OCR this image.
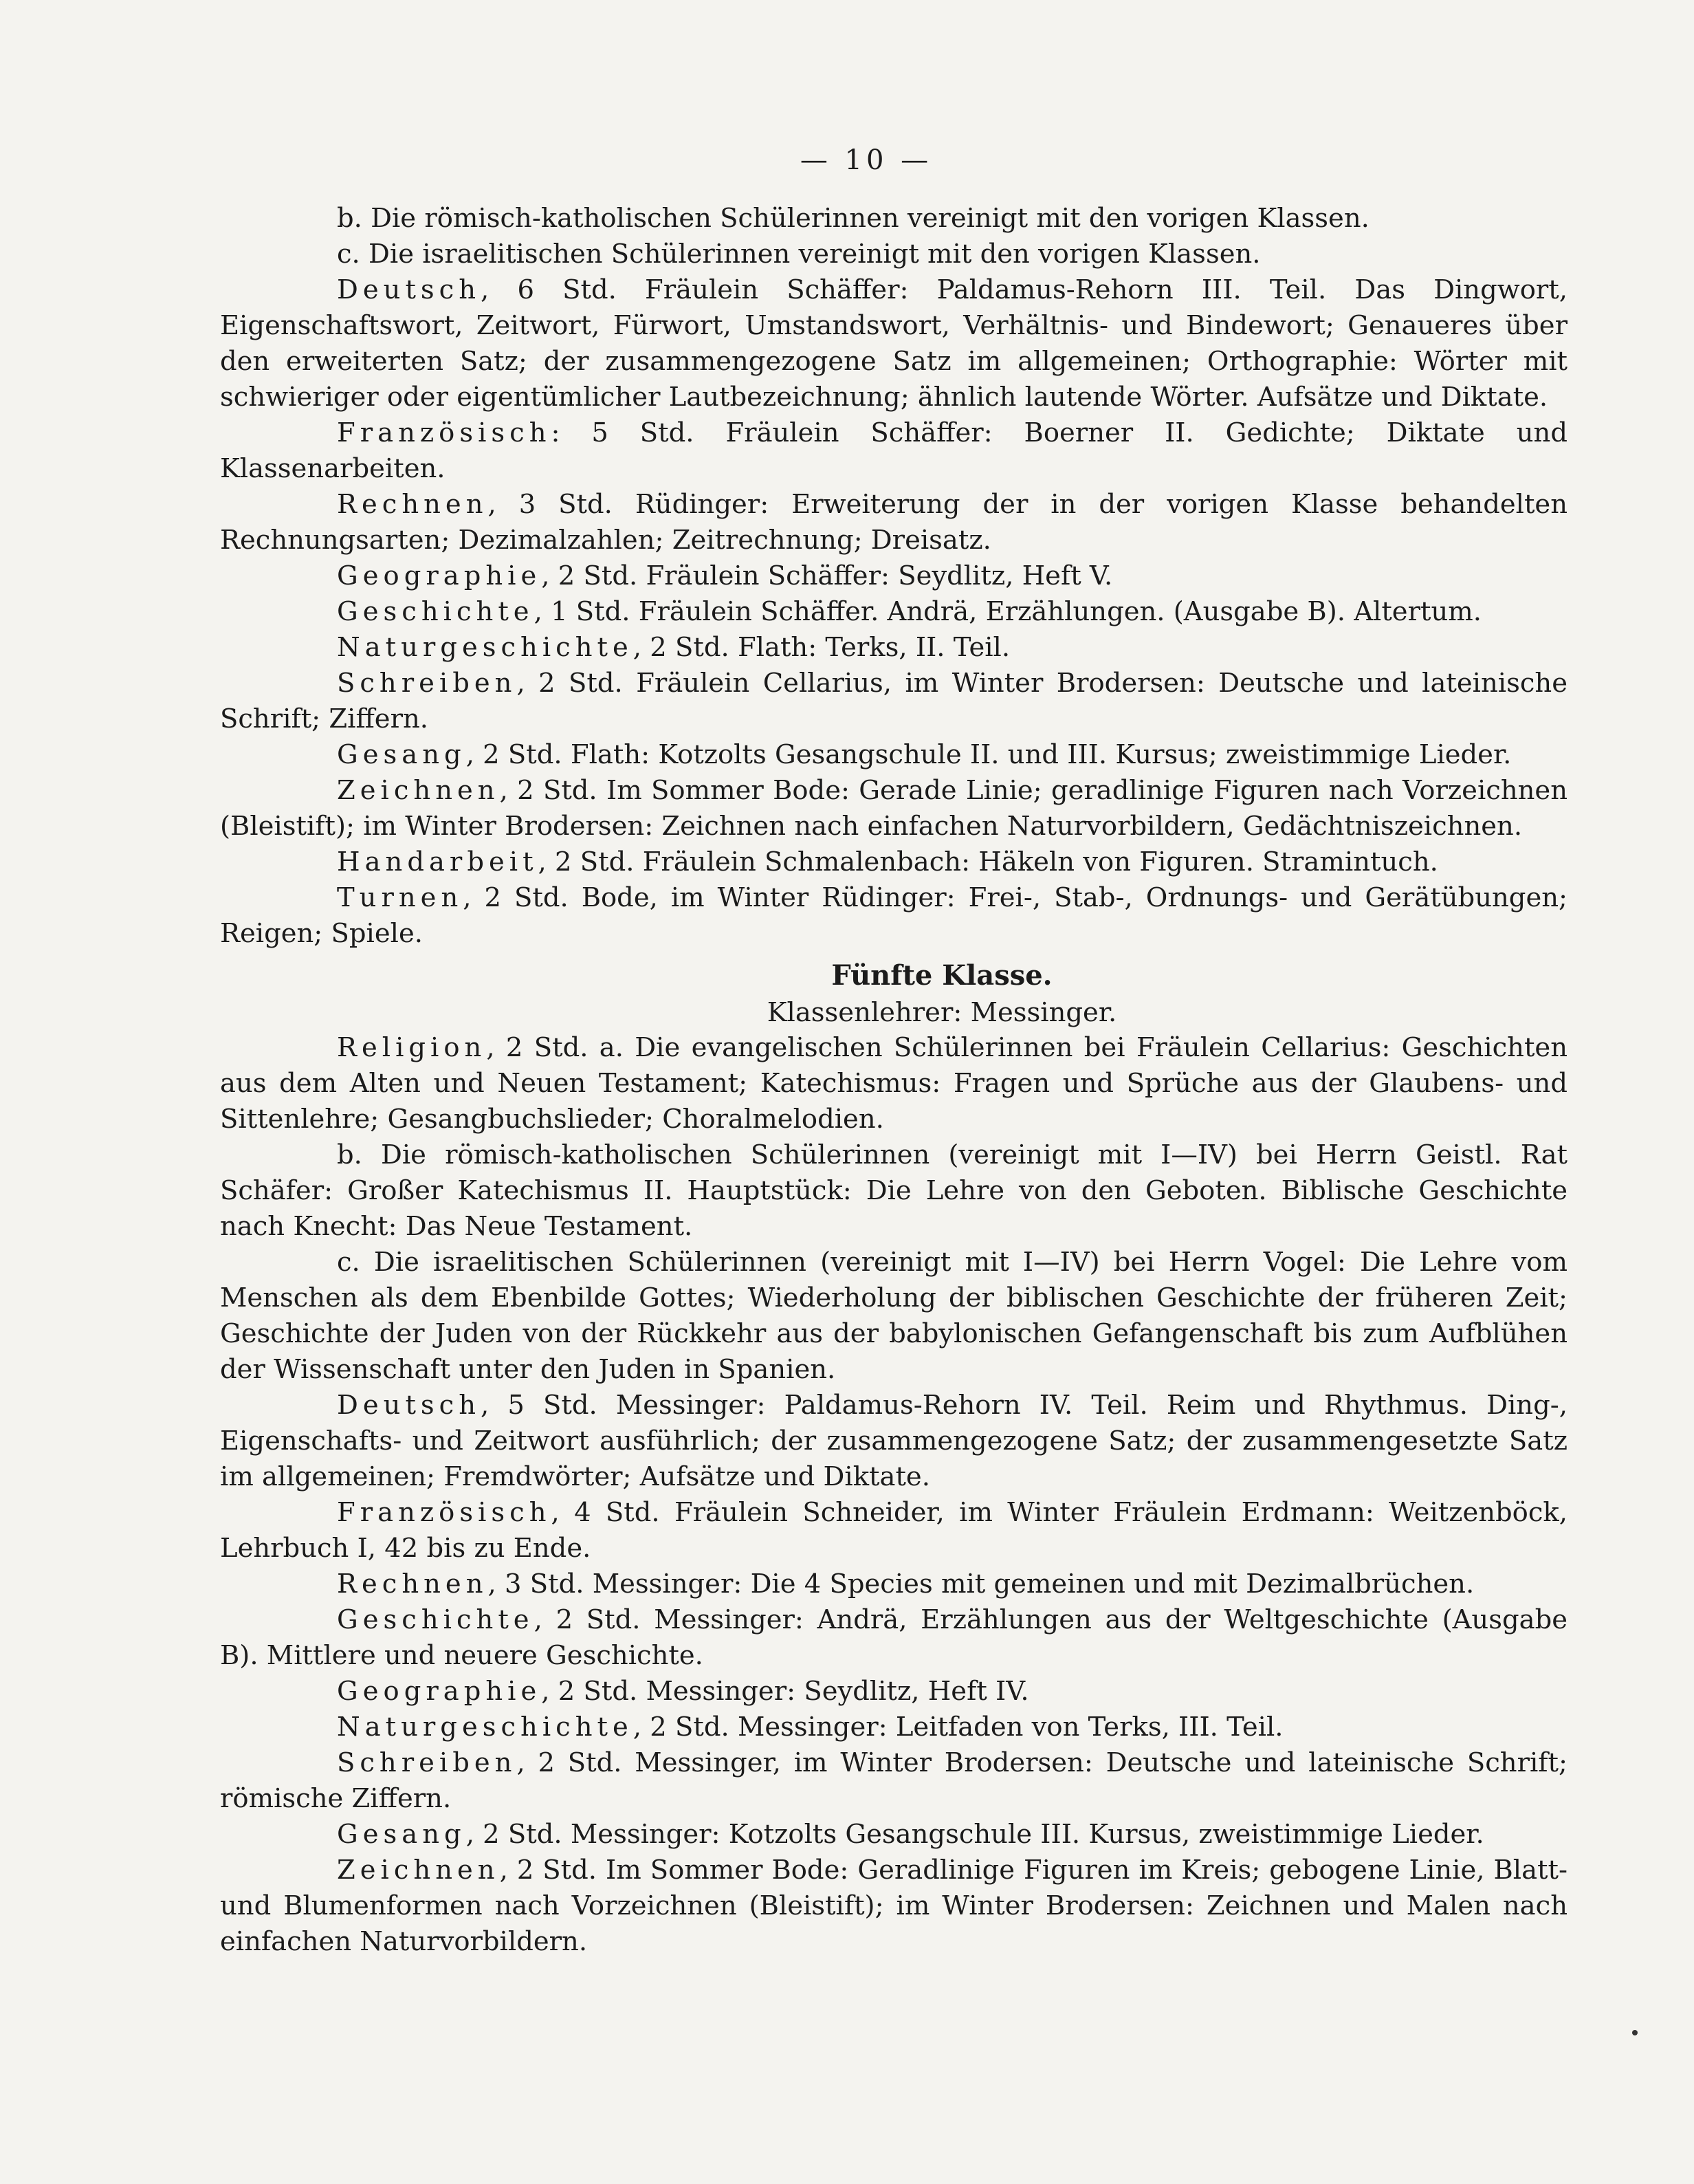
— 10 —

b. Die römisch-katholischen Schülerinnen vereinigt mit den vorigen Klassen.

c. Die israelitischen Schülerinnen vereinigt mit den vorigen Klassen.

Deutsch, 6 Std. Fräulein Schäffer: Paldamus-Rehorn III. Teil. Das Dingwort, Eigenschaftswort, Zeitwort, Fürwort, Umstandswort, Verhältnis- und Bindewort; Genaueres über den erweiterten Satz; der zusammengezogene Satz im allgemeinen; Orthographie: Wörter mit schwieriger oder eigentümlicher Lautbezeichnung; ähnlich lautende Wörter. Aufsätze und Diktate.

Französisch: 5 Std. Fräulein Schäffer: Boerner II. Gedichte; Diktate und Klassenarbeiten.

Rechnen, 3 Std. Rüdinger: Erweiterung der in der vorigen Klasse behandelten Rechnungsarten; Dezimalzahlen; Zeitrechnung; Dreisatz.

Geographie, 2 Std. Fräulein Schäffer: Seydlitz, Heft V.

Geschichte, 1 Std. Fräulein Schäffer. Andrä, Erzählungen. (Ausgabe B). Altertum.

Naturgeschichte, 2 Std. Flath: Terks, II. Teil.

Schreiben, 2 Std. Fräulein Cellarius, im Winter Brodersen: Deutsche und lateinische Schrift; Ziffern.

Gesang, 2 Std. Flath: Kotzolts Gesangschule II. und III. Kursus; zweistimmige Lieder.

Zeichnen, 2 Std. Im Sommer Bode: Gerade Linie; geradlinige Figuren nach Vorzeichnen (Bleistift); im Winter Brodersen: Zeichnen nach einfachen Naturvorbildern, Gedächtniszeichnen.

Handarbeit, 2 Std. Fräulein Schmalenbach: Häkeln von Figuren. Stramintuch.

Turnen, 2 Std. Bode, im Winter Rüdinger: Frei-, Stab-, Ordnungs- und Gerätübungen; Reigen; Spiele.

Fünfte Klasse.

Klassenlehrer: Messinger.

Religion, 2 Std. a. Die evangelischen Schülerinnen bei Fräulein Cellarius: Geschichten aus dem Alten und Neuen Testament; Katechismus: Fragen und Sprüche aus der Glaubens- und Sittenlehre; Gesangbuchslieder; Choralmelodien.

b. Die römisch-katholischen Schülerinnen (vereinigt mit I—IV) bei Herrn Geistl. Rat Schäfer: Großer Katechismus II. Hauptstück: Die Lehre von den Geboten. Biblische Geschichte nach Knecht: Das Neue Testament.

c. Die israelitischen Schülerinnen (vereinigt mit I—IV) bei Herrn Vogel: Die Lehre vom Menschen als dem Ebenbilde Gottes; Wiederholung der biblischen Geschichte der früheren Zeit; Geschichte der Juden von der Rückkehr aus der babylonischen Gefangenschaft bis zum Aufblühen der Wissenschaft unter den Juden in Spanien.

Deutsch, 5 Std. Messinger: Paldamus-Rehorn IV. Teil. Reim und Rhythmus. Ding-, Eigenschafts- und Zeitwort ausführlich; der zusammengezogene Satz; der zusammengesetzte Satz im allgemeinen; Fremdwörter; Aufsätze und Diktate.

Französisch, 4 Std. Fräulein Schneider, im Winter Fräulein Erdmann: Weitzenböck, Lehrbuch I, 42 bis zu Ende.

Rechnen, 3 Std. Messinger: Die 4 Species mit gemeinen und mit Dezimalbrüchen.

Geschichte, 2 Std. Messinger: Andrä, Erzählungen aus der Weltgeschichte (Ausgabe B). Mittlere und neuere Geschichte.

Geographie, 2 Std. Messinger: Seydlitz, Heft IV.

Naturgeschichte, 2 Std. Messinger: Leitfaden von Terks, III. Teil.

Schreiben, 2 Std. Messinger, im Winter Brodersen: Deutsche und lateinische Schrift; römische Ziffern.

Gesang, 2 Std. Messinger: Kotzolts Gesangschule III. Kursus, zweistimmige Lieder.

Zeichnen, 2 Std. Im Sommer Bode: Geradlinige Figuren im Kreis; gebogene Linie, Blatt- und Blumenformen nach Vorzeichnen (Bleistift); im Winter Brodersen: Zeichnen und Malen nach einfachen Naturvorbildern.
